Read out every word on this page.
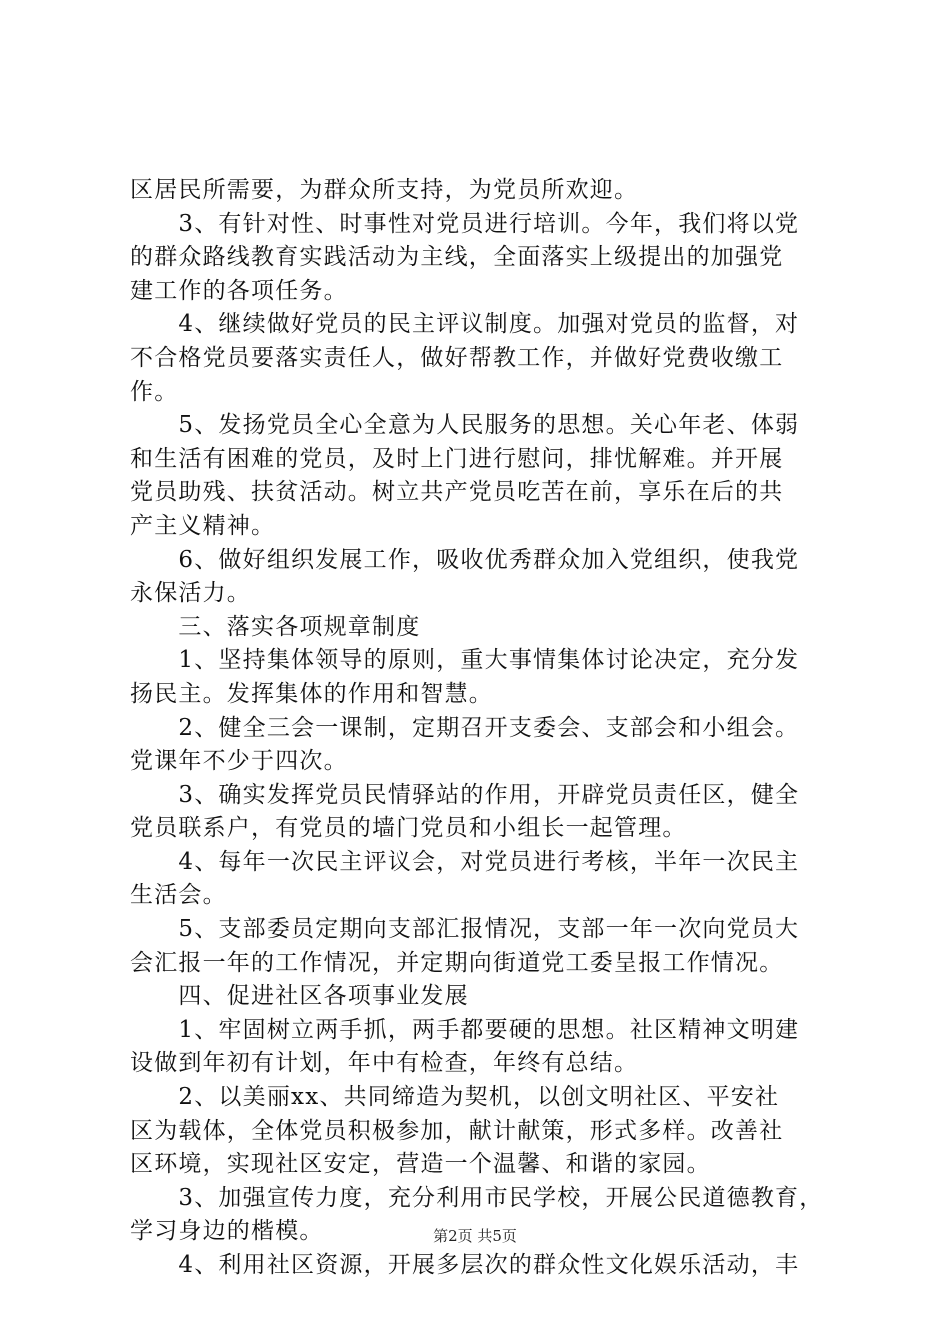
区居民所需要，为群众所支持，为党员所欢迎。
　　3、有针对性、时事性对党员进行培训。今年，我们将以党
的群众路线教育实践活动为主线，全面落实上级提出的加强党
建工作的各项任务。
　　4、继续做好党员的民主评议制度。加强对党员的监督，对
不合格党员要落实责任人，做好帮教工作，并做好党费收缴工
作。
　　5、发扬党员全心全意为人民服务的思想。关心年老、体弱
和生活有困难的党员，及时上门进行慰问，排忧解难。并开展
党员助残、扶贫活动。树立共产党员吃苦在前，享乐在后的共
产主义精神。
　　6、做好组织发展工作，吸收优秀群众加入党组织，使我党
永保活力。
　　三、落实各项规章制度
　　1、坚持集体领导的原则，重大事情集体讨论决定，充分发
扬民主。发挥集体的作用和智慧。
　　2、健全三会一课制，定期召开支委会、支部会和小组会。
党课年不少于四次。
　　3、确实发挥党员民情驿站的作用，开辟党员责任区，健全
党员联系户，有党员的墙门党员和小组长一起管理。
　　4、每年一次民主评议会，对党员进行考核，半年一次民主
生活会。
　　5、支部委员定期向支部汇报情况，支部一年一次向党员大
会汇报一年的工作情况，并定期向街道党工委呈报工作情况。
　　四、促进社区各项事业发展
　　1、牢固树立两手抓，两手都要硬的思想。社区精神文明建
设做到年初有计划，年中有检查，年终有总结。
　　2、以美丽xx、共同缔造为契机，以创文明社区、平安社
区为载体，全体党员积极参加，献计献策，形式多样。改善社
区环境，实现社区安定，营造一个温馨、和谐的家园。
　　3、加强宣传力度，充分利用市民学校，开展公民道德教育，
学习身边的楷模。
　　4、利用社区资源，开展多层次的群众性文化娱乐活动，丰
第2页 共5页
